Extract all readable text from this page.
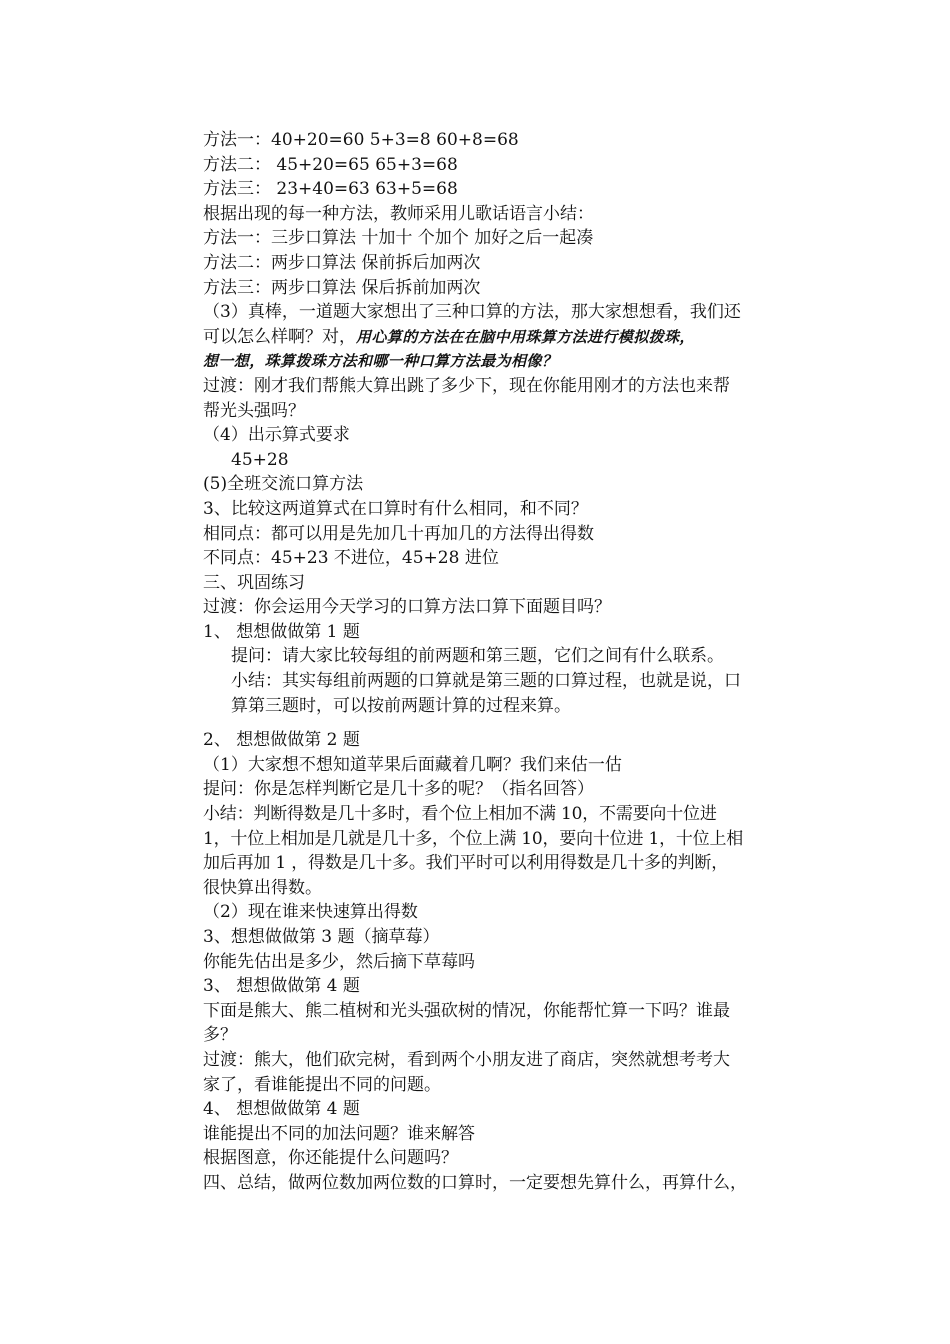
方法一：40+20=60 5+3=8 60+8=68
方法二： 45+20=65 65+3=68
方法三： 23+40=63 63+5=68
根据出现的每一种方法，教师采用儿歌话语言小结：
方法一：三步口算法 十加十 个加个 加好之后一起凑
方法二：两步口算法 保前拆后加两次
方法三：两步口算法 保后拆前加两次
（3）真棒，一道题大家想出了三种口算的方法，那大家想想看，我们还
可以怎么样啊？对，用心算的方法在在脑中用珠算方法进行模拟拨珠，
想一想，珠算拨珠方法和哪一种口算方法最为相像？
过渡：刚才我们帮熊大算出跳了多少下，现在你能用刚才的方法也来帮
帮光头强吗？
（4）出示算式要求
45+28
(5)全班交流口算方法
3、比较这两道算式在口算时有什么相同，和不同？
相同点：都可以用是先加几十再加几的方法得出得数
不同点：45+23 不进位，45+28 进位
三、巩固练习
过渡：你会运用今天学习的口算方法口算下面题目吗？
1、 想想做做第 1 题
提问：请大家比较每组的前两题和第三题，它们之间有什么联系。
小结：其实每组前两题的口算就是第三题的口算过程，也就是说，口
算第三题时，可以按前两题计算的过程来算。
2、 想想做做第 2 题
（1）大家想不想知道苹果后面藏着几啊？我们来估一估
提问：你是怎样判断它是几十多的呢？（指名回答）
小结：判断得数是几十多时，看个位上相加不满 10，不需要向十位进
1，十位上相加是几就是几十多，个位上满 10，要向十位进 1，十位上相
加后再加 1 ，得数是几十多。我们平时可以利用得数是几十多的判断，
很快算出得数。
（2）现在谁来快速算出得数
3、想想做做第 3 题（摘草莓）
你能先估出是多少，然后摘下草莓吗
3、 想想做做第 4 题
下面是熊大、熊二植树和光头强砍树的情况，你能帮忙算一下吗？谁最
多？
过渡：熊大，他们砍完树，看到两个小朋友进了商店，突然就想考考大
家了，看谁能提出不同的问题。
4、 想想做做第 4 题
谁能提出不同的加法问题？谁来解答
根据图意，你还能提什么问题吗？
四、总结，做两位数加两位数的口算时，一定要想先算什么，再算什么，
